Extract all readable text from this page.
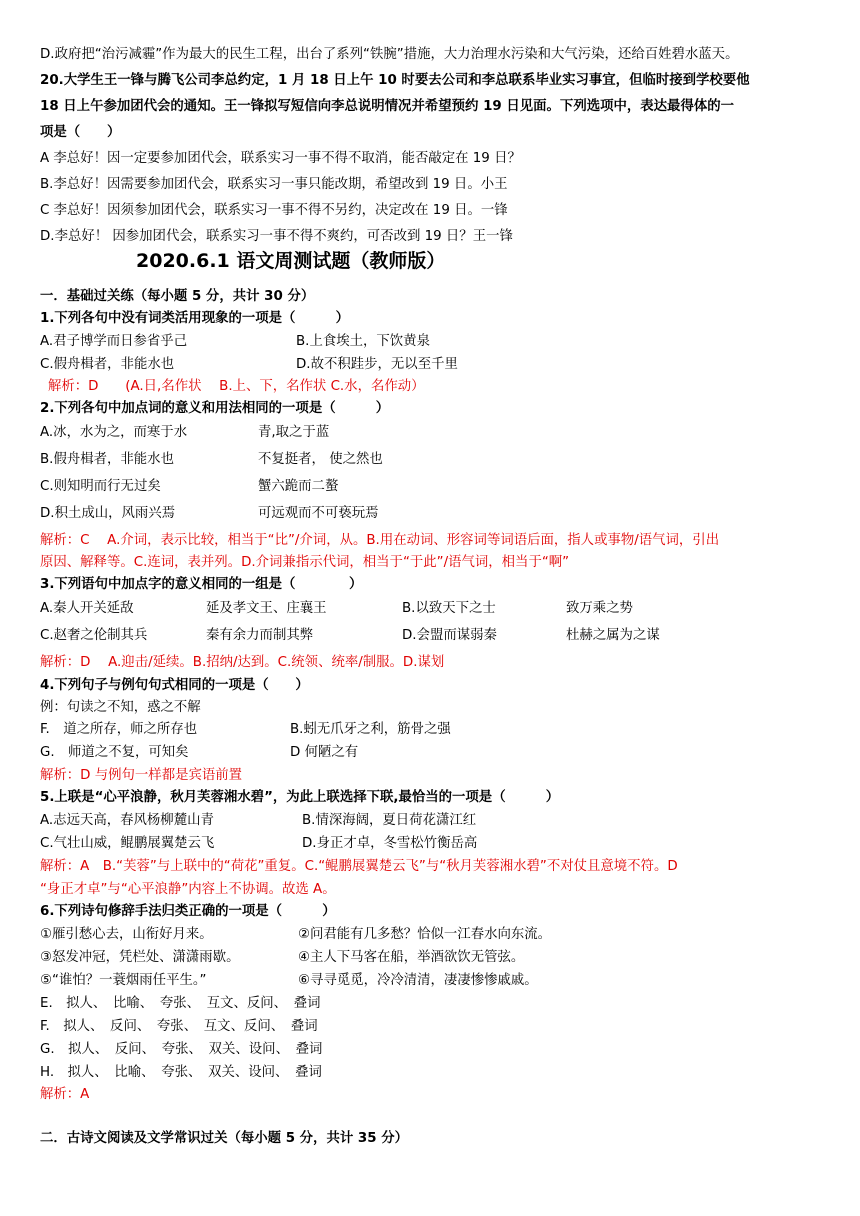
D.政府把“治污减霾”作为最大的民生工程，出台了系列“铁腕”措施，大力治理水污染和大气污染，还给百姓碧水蓝天。
20.大学生王一锋与腾飞公司李总约定，1 月 18 日上午 10 时要去公司和李总联系毕业实习事宜，但临时接到学校要他
18 日上午参加团代会的通知。王一锋拟写短信向李总说明情况并希望预约 19 日见面。下列选项中，表达最得体的一
项是（　　）
A 李总好！因一定要参加团代会，联系实习一事不得不取消，能否敲定在 19 日？
B.李总好！因需要参加团代会，联系实习一事只能改期，希望改到 19 日。小王
C 李总好！因须参加团代会，联系实习一事不得不另约，决定改在 19 日。一锋
D.李总好！ 因参加团代会，联系实习一事不得不爽约，可否改到 19 日？王一锋
2020.6.1 语文周测试题（教师版）
一．基础过关练（每小题 5 分，共计 30 分）
1.下列各句中没有词类活用现象的一项是（　　　）
A.君子博学而日参省乎己	B.上食埃土，下饮黄泉
C.假舟楫者，非能水也	D.故不积跬步，无以至千里
解析：D　　(A.日,名作状　 B.上、下，名作状 C.水，名作动）
2.下列各句中加点词的意义和用法相同的一项是（　　　）
A.冰，水为之，而寒于水	青,取之于蓝
B.假舟楫者，非能水也	不复挺者， 使之然也
C.则知明而行无过矣	蟹六跪而二螯
D.积土成山，风雨兴焉	可远观而不可亵玩焉
解析：C　 A.介词，表示比较，相当于“比”/介词，从。B.用在动词、形容词等词语后面，指人或事物/语气词，引出
原因、解释等。C.连词，表并列。D.介词兼指示代词，相当于“于此”/语气词，相当于“啊”
3.下列语句中加点字的意义相同的一组是（　　　　）
A.秦人开关延敌	延及孝文王、庄襄王	B.以致天下之士	致万乘之势
C.赵奢之伦制其兵	秦有余力而制其弊	D.会盟而谋弱秦	杜赫之属为之谋
解析：D　 A.迎击/延续。B.招纳/达到。C.统领、统率/制服。D.谋划
4.下列句子与例句句式相同的一项是（　　）
例：句读之不知，惑之不解
F.　道之所存，师之所存也	B.蚓无爪牙之利，筋骨之强
G.　师道之不复，可知矣	D 何陋之有
解析：D 与例句一样都是宾语前置
5.上联是“心平浪静，秋月芙蓉湘水碧”，为此上联选择下联,最恰当的一项是（　　　）
A.志远天高，春风杨柳麓山青	B.情深海阔，夏日荷花潇江红
C.气壮山威，鲲鹏展翼楚云飞	D.身正才卓，冬雪松竹衡岳高
解析：A　B.“芙蓉”与上联中的“荷花”重复。C.“鲲鹏展翼楚云飞”与“秋月芙蓉湘水碧”不对仗且意境不符。D
“身正才卓”与“心平浪静”内容上不协调。故选 A。
6.下列诗句修辞手法归类正确的一项是（　　　）
①雁引愁心去，山衔好月来。	②问君能有几多愁？恰似一江春水向东流。
③怒发冲冠，凭栏处、潇潇雨歇。	④主人下马客在船，举酒欲饮无管弦。
⑤“谁怕？一蓑烟雨任平生。”	⑥寻寻觅觅，冷冷清清，凄凄惨惨戚戚。
E.　拟人、　比喻、　夸张、　互文、反问、　叠词
F.　拟人、　反问、　夸张、　互文、反问、　叠词
G.　拟人、　反问、　夸张、　双关、设问、　叠词
H.　拟人、　比喻、　夸张、　双关、设问、　叠词
解析：A
二．古诗文阅读及文学常识过关（每小题 5 分，共计 35 分）
